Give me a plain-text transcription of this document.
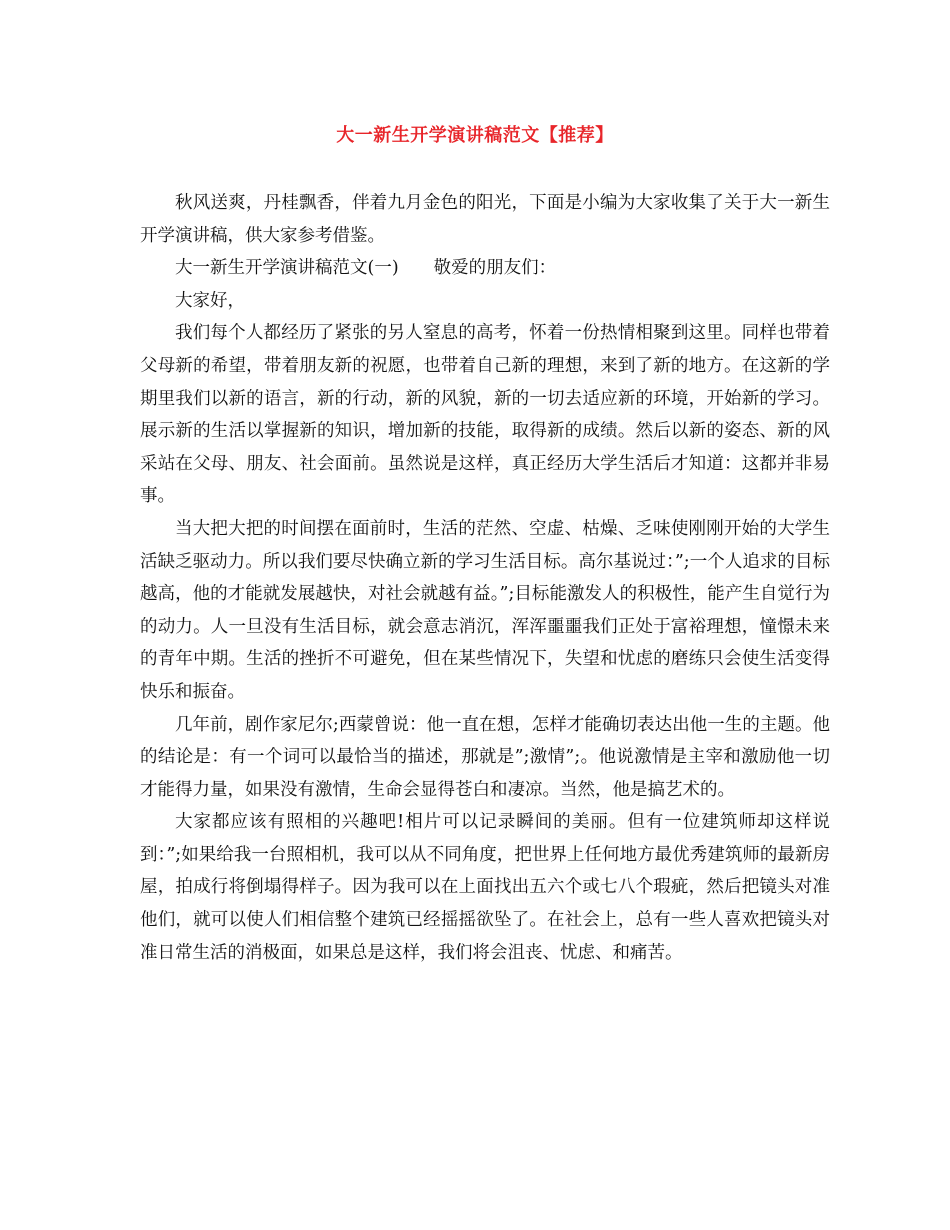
大一新生开学演讲稿范文【推荐】

秋风送爽，丹桂飘香，伴着九月金色的阳光，下面是小编为大家收集了关于大一新生开学演讲稿，供大家参考借鉴。

大一新生开学演讲稿范文(一)　　敬爱的朋友们：

大家好，

我们每个人都经历了紧张的另人窒息的高考，怀着一份热情相聚到这里。同样也带着父母新的希望，带着朋友新的祝愿，也带着自己新的理想，来到了新的地方。在这新的学期里我们以新的语言，新的行动，新的风貌，新的一切去适应新的环境，开始新的学习。展示新的生活以掌握新的知识，增加新的技能，取得新的成绩。然后以新的姿态、新的风采站在父母、朋友、社会面前。虽然说是这样，真正经历大学生活后才知道：这都并非易事。

当大把大把的时间摆在面前时，生活的茫然、空虚、枯燥、乏味使刚刚开始的大学生活缺乏驱动力。所以我们要尽快确立新的学习生活目标。高尔基说过：”;一个人追求的目标越高，他的才能就发展越快，对社会就越有益。”;目标能激发人的积极性，能产生自觉行为的动力。人一旦没有生活目标，就会意志消沉，浑浑噩噩我们正处于富裕理想，憧憬未来的青年中期。生活的挫折不可避免，但在某些情况下，失望和忧虑的磨练只会使生活变得快乐和振奋。

几年前，剧作家尼尔;西蒙曾说：他一直在想，怎样才能确切表达出他一生的主题。他的结论是：有一个词可以最恰当的描述，那就是”;激情”;。他说激情是主宰和激励他一切才能得力量，如果没有激情，生命会显得苍白和凄凉。当然，他是搞艺术的。

大家都应该有照相的兴趣吧!相片可以记录瞬间的美丽。但有一位建筑师却这样说到：”;如果给我一台照相机，我可以从不同角度，把世界上任何地方最优秀建筑师的最新房屋，拍成行将倒塌得样子。因为我可以在上面找出五六个或七八个瑕疵，然后把镜头对准他们，就可以使人们相信整个建筑已经摇摇欲坠了。在社会上，总有一些人喜欢把镜头对准日常生活的消极面，如果总是这样，我们将会沮丧、忧虑、和痛苦。
